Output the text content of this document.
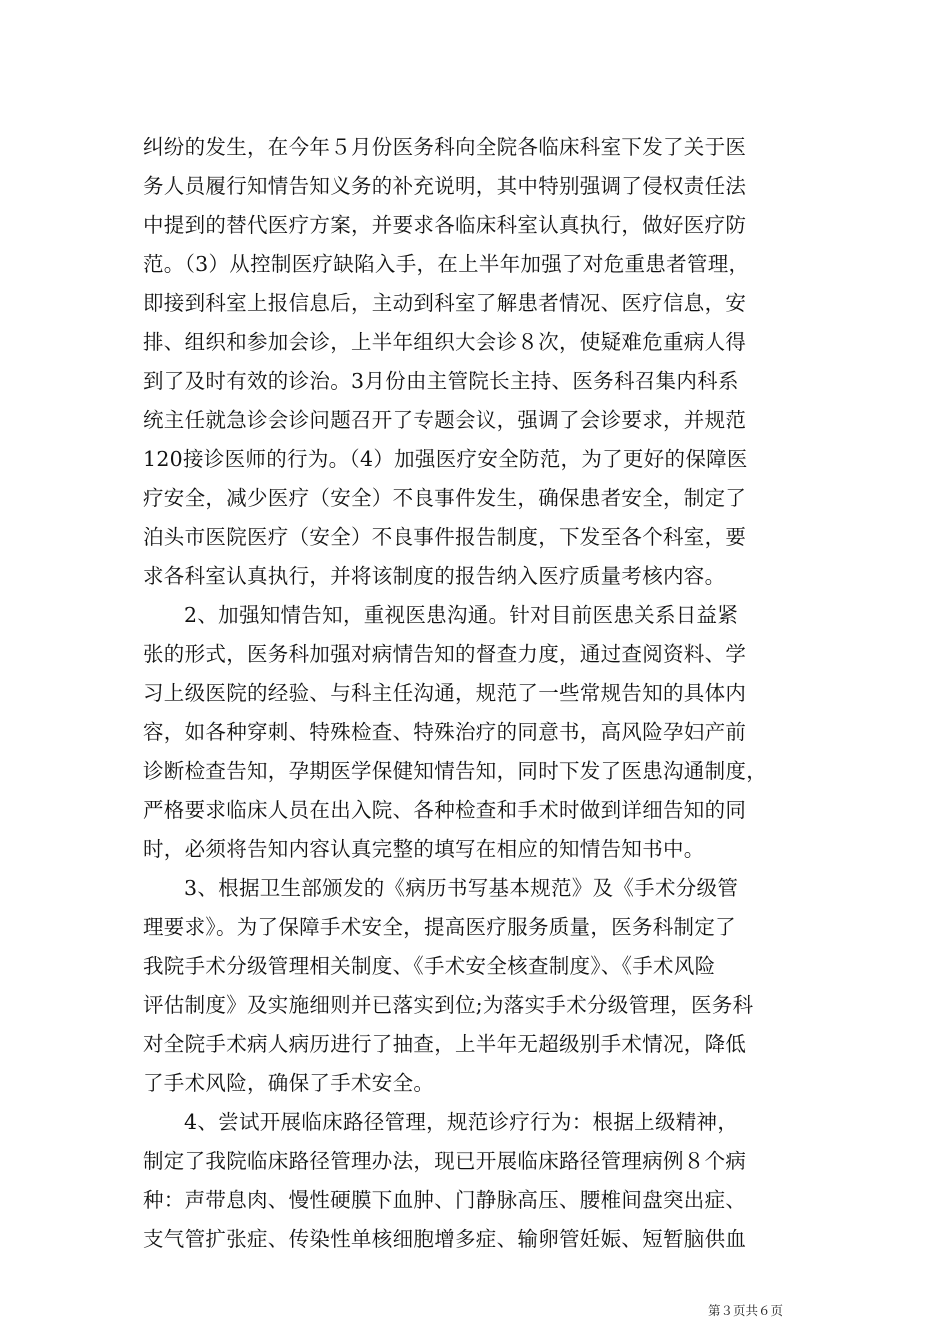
纠纷的发生，在今年５月份医务科向全院各临床科室下发了关于医
务人员履行知情告知义务的补充说明，其中特别强调了侵权责任法
中提到的替代医疗方案，并要求各临床科室认真执行，做好医疗防
范。（3）从控制医疗缺陷入手，在上半年加强了对危重患者管理，
即接到科室上报信息后，主动到科室了解患者情况、医疗信息，安
排、组织和参加会诊，上半年组织大会诊８次，使疑难危重病人得
到了及时有效的诊治。3月份由主管院长主持、医务科召集内科系
统主任就急诊会诊问题召开了专题会议，强调了会诊要求，并规范
120接诊医师的行为。（4）加强医疗安全防范，为了更好的保障医
疗安全，减少医疗（安全）不良事件发生，确保患者安全，制定了
泊头市医院医疗（安全）不良事件报告制度，下发至各个科室，要
求各科室认真执行，并将该制度的报告纳入医疗质量考核内容。
2、加强知情告知，重视医患沟通。针对目前医患关系日益紧
张的形式，医务科加强对病情告知的督查力度，通过查阅资料、学
习上级医院的经验、与科主任沟通，规范了一些常规告知的具体内
容，如各种穿刺、特殊检查、特殊治疗的同意书，高风险孕妇产前
诊断检查告知，孕期医学保健知情告知，同时下发了医患沟通制度，
严格要求临床人员在出入院、各种检查和手术时做到详细告知的同
时，必须将告知内容认真完整的填写在相应的知情告知书中。
3、根据卫生部颁发的《病历书写基本规范》及《手术分级管
理要求》。为了保障手术安全，提高医疗服务质量，医务科制定了
我院手术分级管理相关制度、《手术安全核查制度》、《手术风险
评估制度》及实施细则并已落实到位;为落实手术分级管理，医务科
对全院手术病人病历进行了抽查，上半年无超级别手术情况，降低
了手术风险，确保了手术安全。
4、尝试开展临床路径管理，规范诊疗行为：根据上级精神，
制定了我院临床路径管理办法，现已开展临床路径管理病例８个病
种：声带息肉、慢性硬膜下血肿、门静脉高压、腰椎间盘突出症、
支气管扩张症、传染性单核细胞增多症、输卵管妊娠、短暂脑供血
第３页共６页
